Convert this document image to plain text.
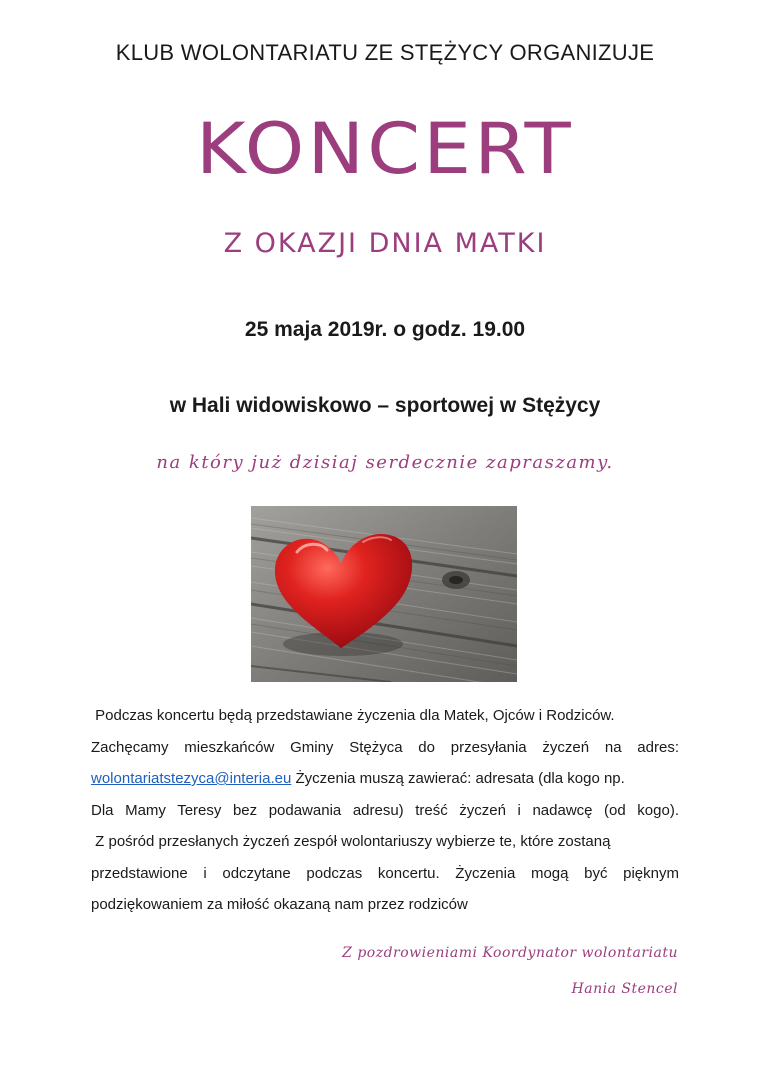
KLUB WOLONTARIATU ZE STĘŻYCY ORGANIZUJE
KONCERT
Z OKAZJI DNIA MATKI
25 maja 2019r. o godz. 19.00
w Hali widowiskowo – sportowej w Stężycy
na który już dzisiaj serdecznie zapraszamy.
Podczas koncertu będą przedstawiane życzenia dla Matek, Ojców i Rodziców.
Zachęcamy mieszkańców Gminy Stężyca do przesyłania życzeń na adres:
wolontariatstezyca@interia.eu Życzenia muszą zawierać: adresata (dla kogo np.
Dla Mamy Teresy bez podawania adresu) treść życzeń i nadawcę (od kogo).
Z pośród przesłanych życzeń zespół wolontariuszy wybierze te, które zostaną
przedstawione i odczytane podczas koncertu. Życzenia mogą być pięknym
podziękowaniem za miłość okazaną nam przez rodziców
Z pozdrowieniami Koordynator wolontariatu
Hania Stencel
